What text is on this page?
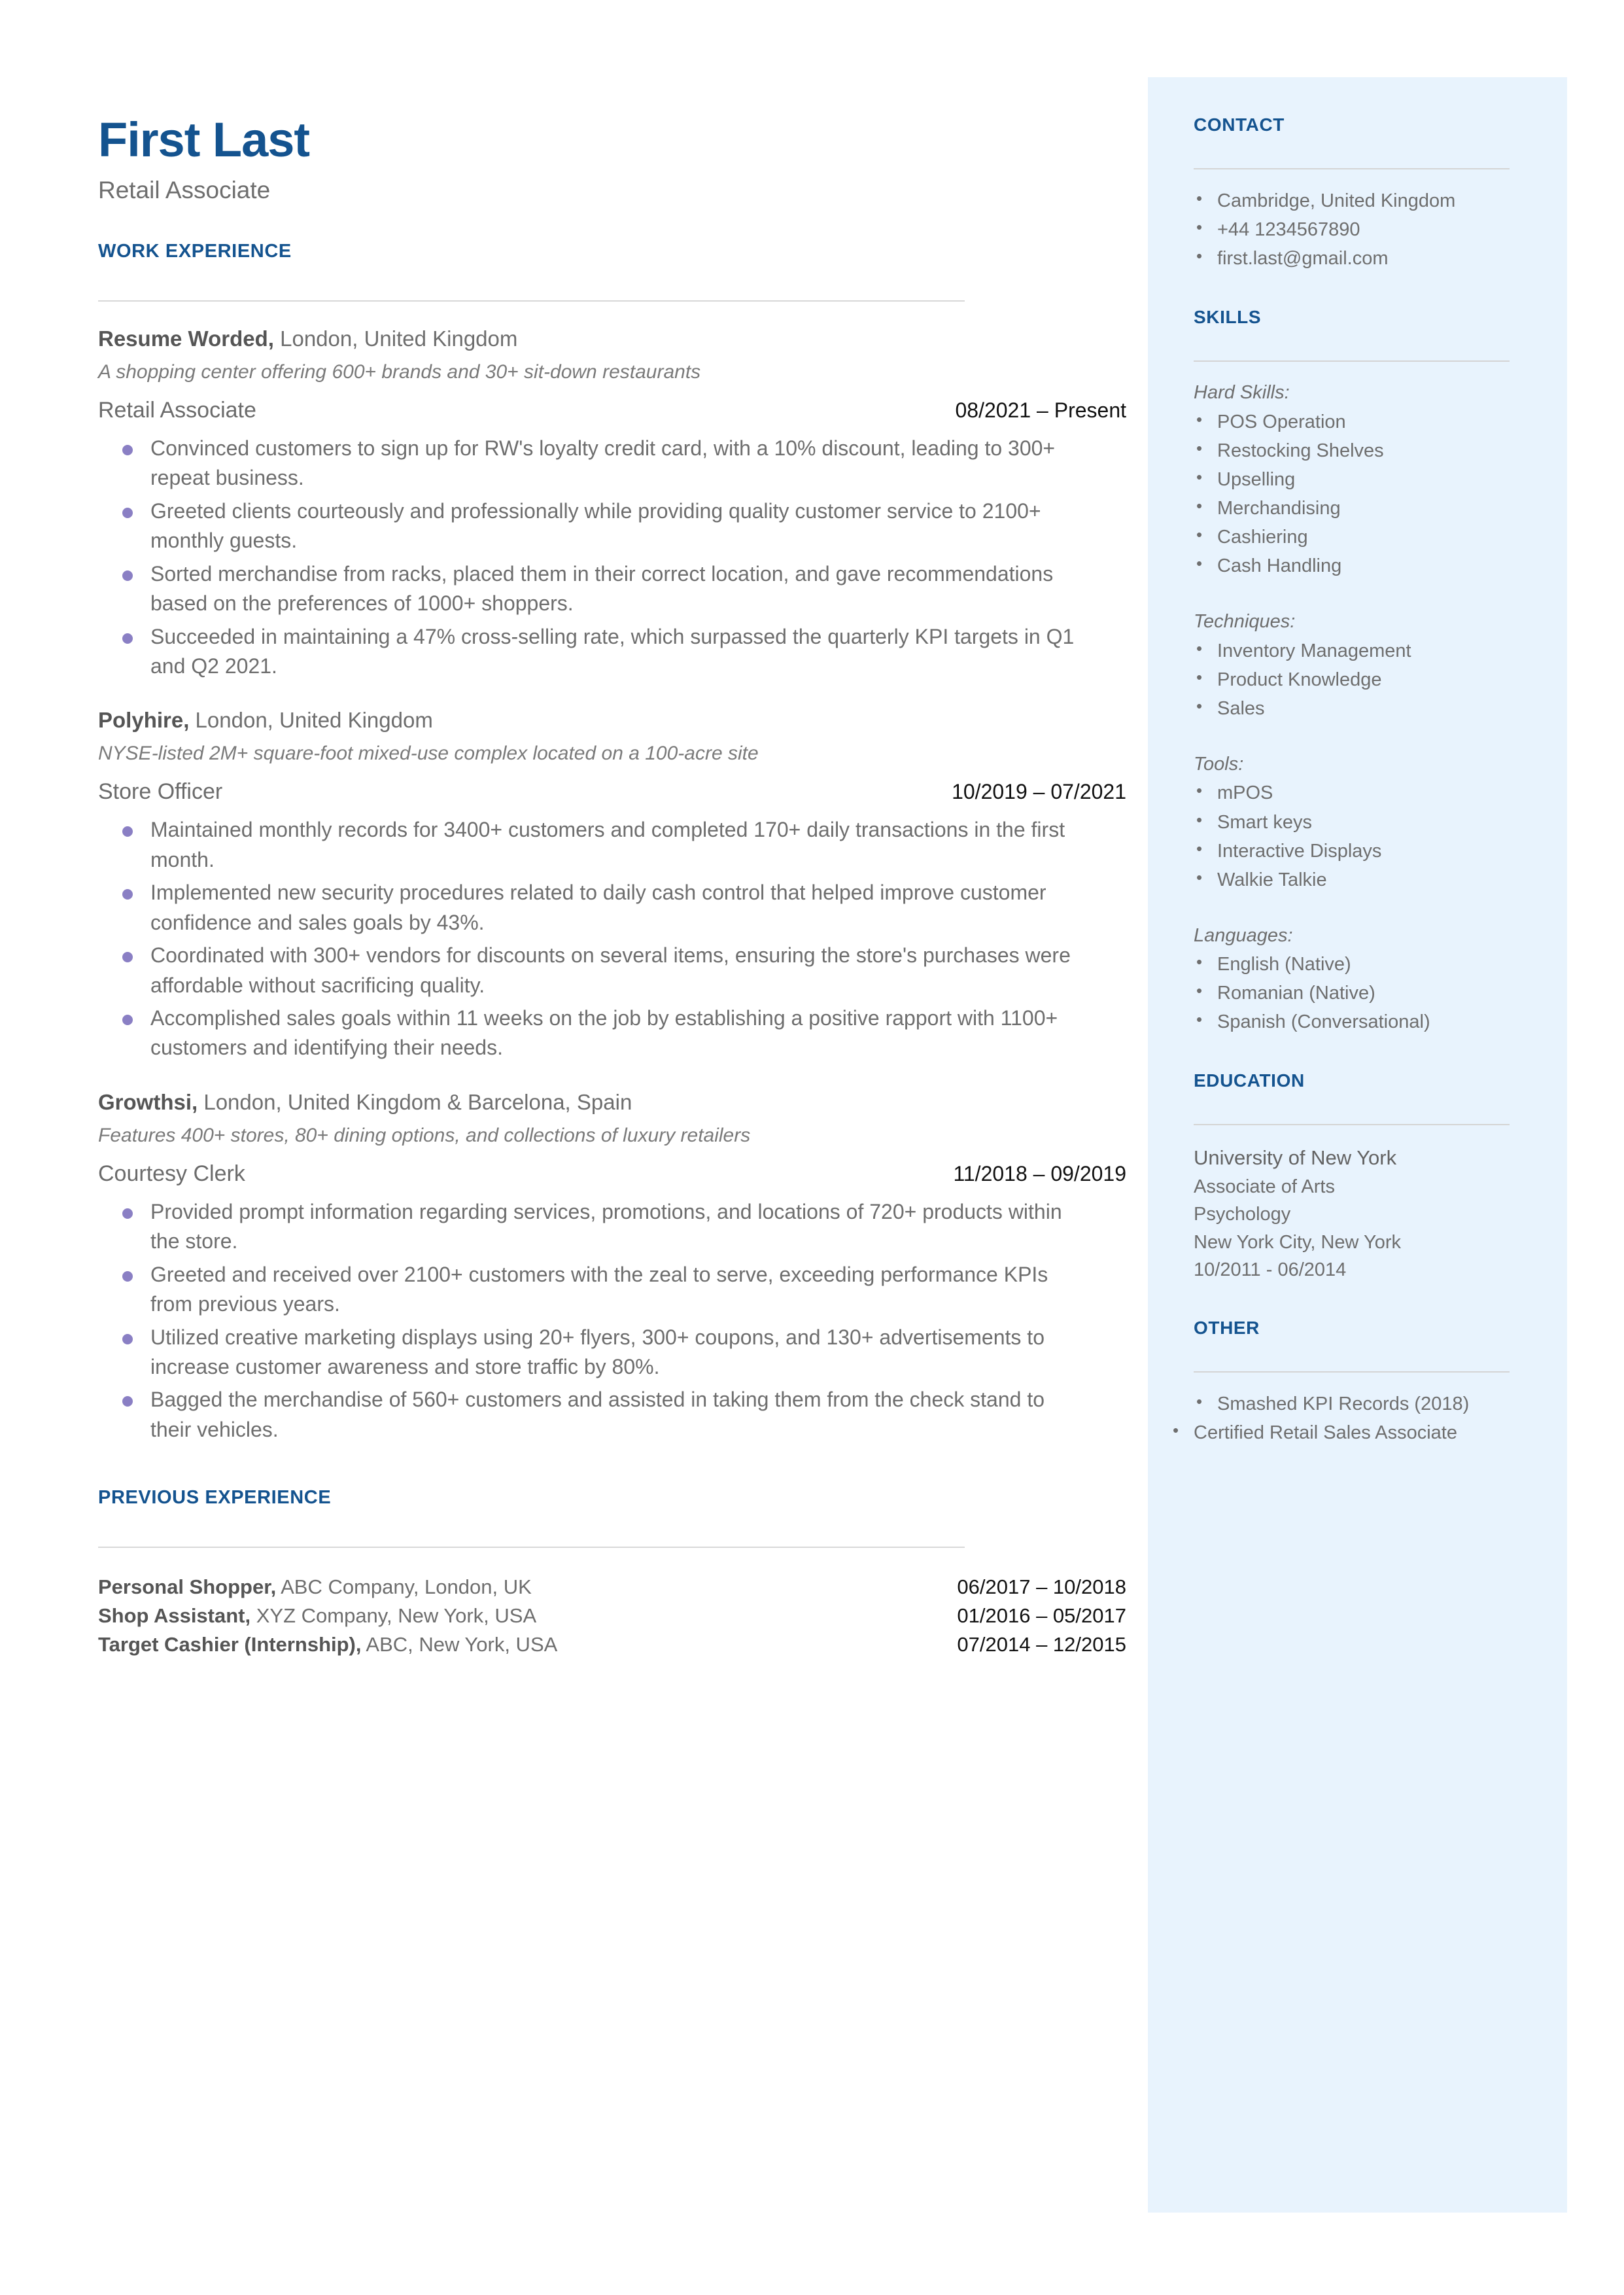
First Last
Retail Associate
WORK EXPERIENCE
Resume Worded, London, United Kingdom
A shopping center offering 600+ brands and 30+ sit-down restaurants
Retail Associate	08/2021 – Present
Convinced customers to sign up for RW's loyalty credit card, with a 10% discount, leading to 300+ repeat business.
Greeted clients courteously and professionally while providing quality customer service to 2100+ monthly guests.
Sorted merchandise from racks, placed them in their correct location, and gave recommendations based on the preferences of 1000+ shoppers.
Succeeded in maintaining a 47% cross-selling rate, which surpassed the quarterly KPI targets in Q1 and Q2 2021.
Polyhire, London, United Kingdom
NYSE-listed 2M+ square-foot mixed-use complex located on a 100-acre site
Store Officer	10/2019 – 07/2021
Maintained monthly records for 3400+ customers and completed 170+ daily transactions in the first month.
Implemented new security procedures related to daily cash control that helped improve customer confidence and sales goals by 43%.
Coordinated with 300+ vendors for discounts on several items, ensuring the store's purchases were affordable without sacrificing quality.
Accomplished sales goals within 11 weeks on the job by establishing a positive rapport with 1100+ customers and identifying their needs.
Growthsi, London, United Kingdom & Barcelona, Spain
Features 400+ stores, 80+ dining options, and collections of luxury retailers
Courtesy Clerk	11/2018 – 09/2019
Provided prompt information regarding services, promotions, and locations of 720+ products within the store.
Greeted and received over 2100+ customers with the zeal to serve, exceeding performance KPIs from previous years.
Utilized creative marketing displays using 20+ flyers, 300+ coupons, and 130+ advertisements to increase customer awareness and store traffic by 80%.
Bagged the merchandise of 560+ customers and assisted in taking them from the check stand to their vehicles.
PREVIOUS EXPERIENCE
Personal Shopper, ABC Company, London, UK	06/2017 – 10/2018
Shop Assistant, XYZ Company, New York, USA	01/2016 – 05/2017
Target Cashier (Internship), ABC, New York, USA	07/2014 – 12/2015
CONTACT
• Cambridge, United Kingdom
• +44 1234567890
• first.last@gmail.com
SKILLS
Hard Skills:
• POS Operation
• Restocking Shelves
• Upselling
• Merchandising
• Cashiering
• Cash Handling
Techniques:
• Inventory Management
• Product Knowledge
• Sales
Tools:
• mPOS
• Smart keys
• Interactive Displays
• Walkie Talkie
Languages:
• English (Native)
• Romanian (Native)
• Spanish (Conversational)
EDUCATION
University of New York
Associate of Arts
Psychology
New York City, New York
10/2011 - 06/2014
OTHER
• Smashed KPI Records (2018)
• Certified Retail Sales Associate
